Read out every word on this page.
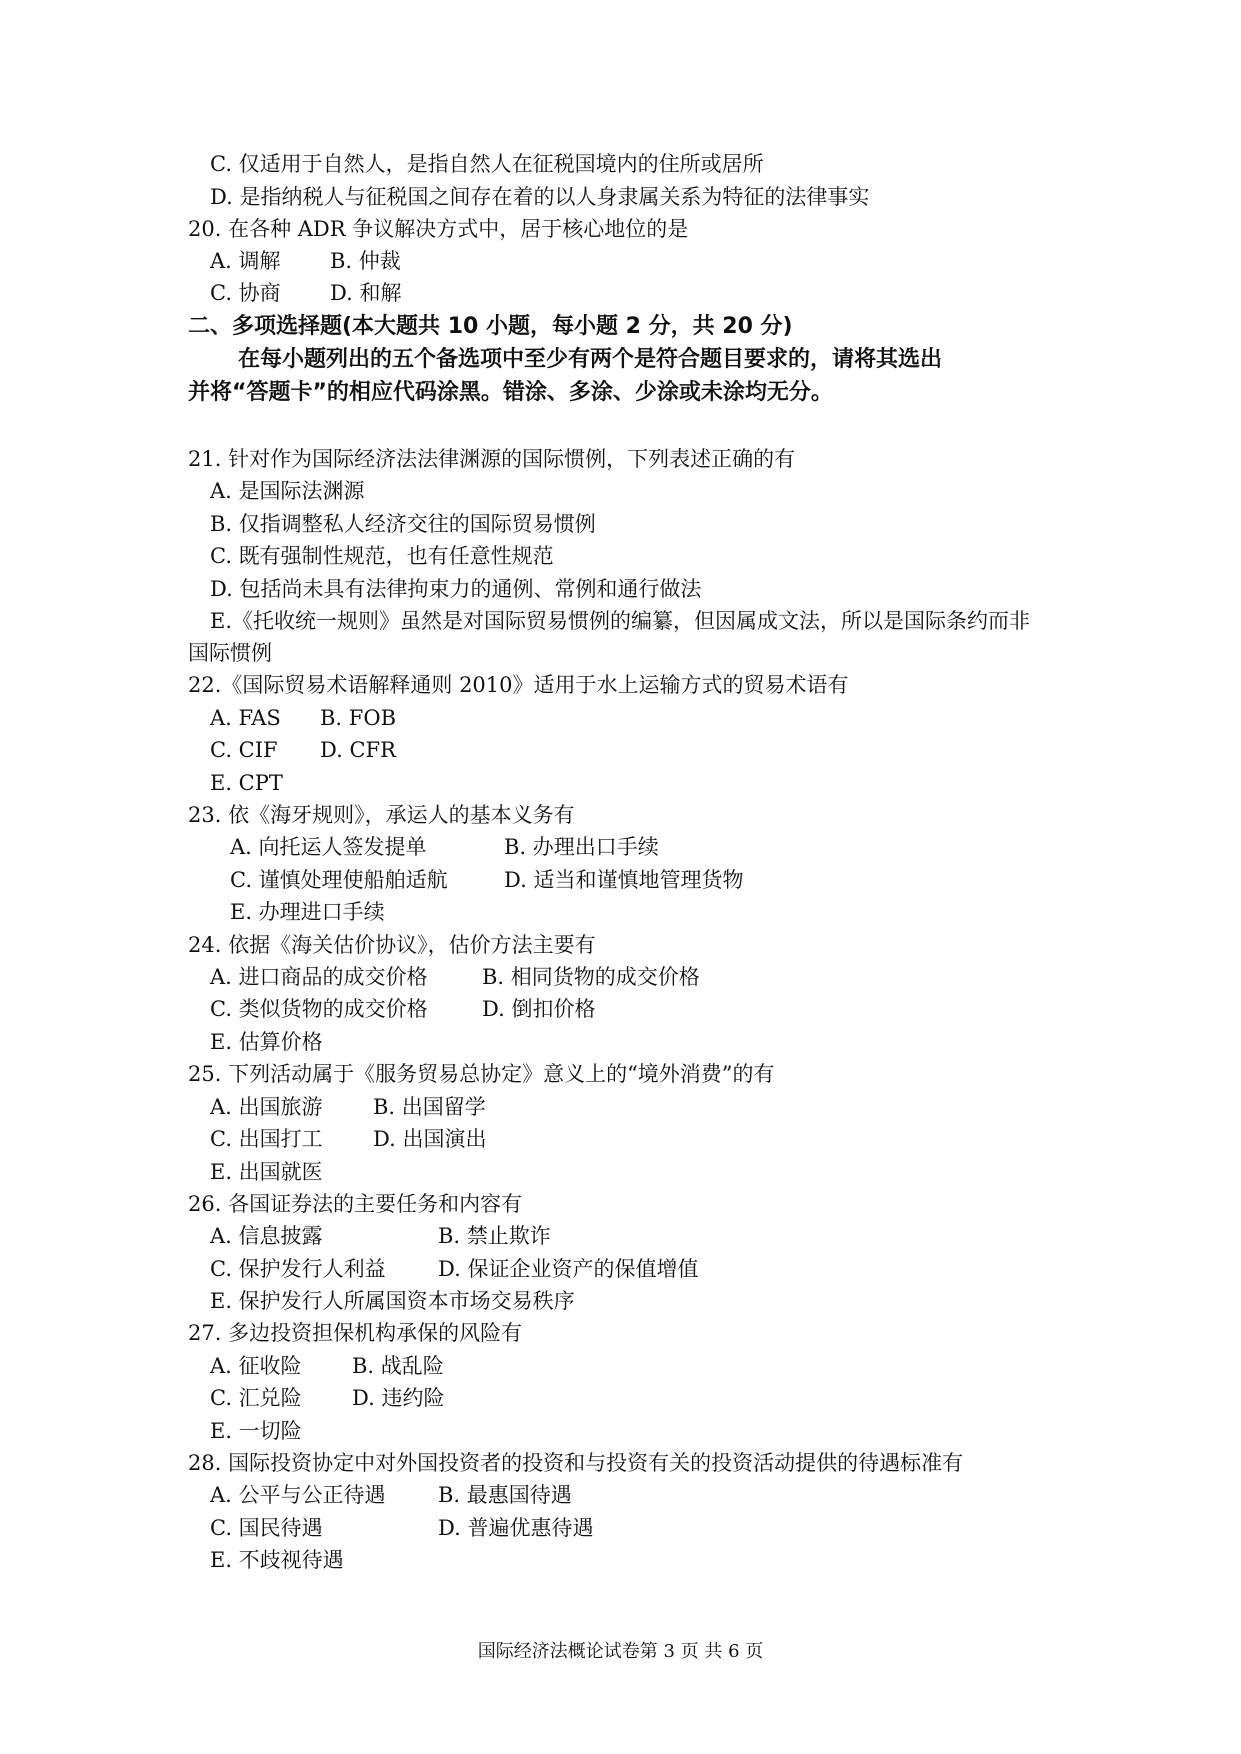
C. 仅适用于自然人，是指自然人在征税国境内的住所或居所
D. 是指纳税人与征税国之间存在着的以人身隶属关系为特征的法律事实
20. 在各种 ADR 争议解决方式中，居于核心地位的是
A. 调解 B. 仲裁
C. 协商 D. 和解
二、多项选择题(本大题共 10 小题，每小题 2 分，共 20 分)
在每小题列出的五个备选项中至少有两个是符合题目要求的，请将其选出
并将“答题卡”的相应代码涂黑。错涂、多涂、少涂或未涂均无分。
21. 针对作为国际经济法法律渊源的国际惯例，下列表述正确的有
A. 是国际法渊源
B. 仅指调整私人经济交往的国际贸易惯例
C. 既有强制性规范，也有任意性规范
D. 包括尚未具有法律拘束力的通例、常例和通行做法
E.《托收统一规则》虽然是对国际贸易惯例的编纂，但因属成文法，所以是国际条约而非
国际惯例
22.《国际贸易术语解释通则 2010》适用于水上运输方式的贸易术语有
A. FAS B. FOB
C. CIF D. CFR
E. CPT
23. 依《海牙规则》，承运人的基本义务有
A. 向托运人签发提单	B. 办理出口手续
C. 谨慎处理使船舶适航	D. 适当和谨慎地管理货物
E. 办理进口手续
24. 依据《海关估价协议》，估价方法主要有
A. 进口商品的成交价格	B. 相同货物的成交价格
C. 类似货物的成交价格	D. 倒扣价格
E. 估算价格
25. 下列活动属于《服务贸易总协定》意义上的“境外消费”的有
A. 出国旅游 B. 出国留学
C. 出国打工 D. 出国演出
E. 出国就医
26. 各国证券法的主要任务和内容有
A. 信息披露	B. 禁止欺诈
C. 保护发行人利益 D. 保证企业资产的保值增值
E. 保护发行人所属国资本市场交易秩序
27. 多边投资担保机构承保的风险有
A. 征收险 B. 战乱险
C. 汇兑险 D. 违约险
E. 一切险
28. 国际投资协定中对外国投资者的投资和与投资有关的投资活动提供的待遇标准有
A. 公平与公正待遇 B. 最惠国待遇
C. 国民待遇	D. 普遍优惠待遇
E. 不歧视待遇
国际经济法概论试卷第 3 页 共 6 页
